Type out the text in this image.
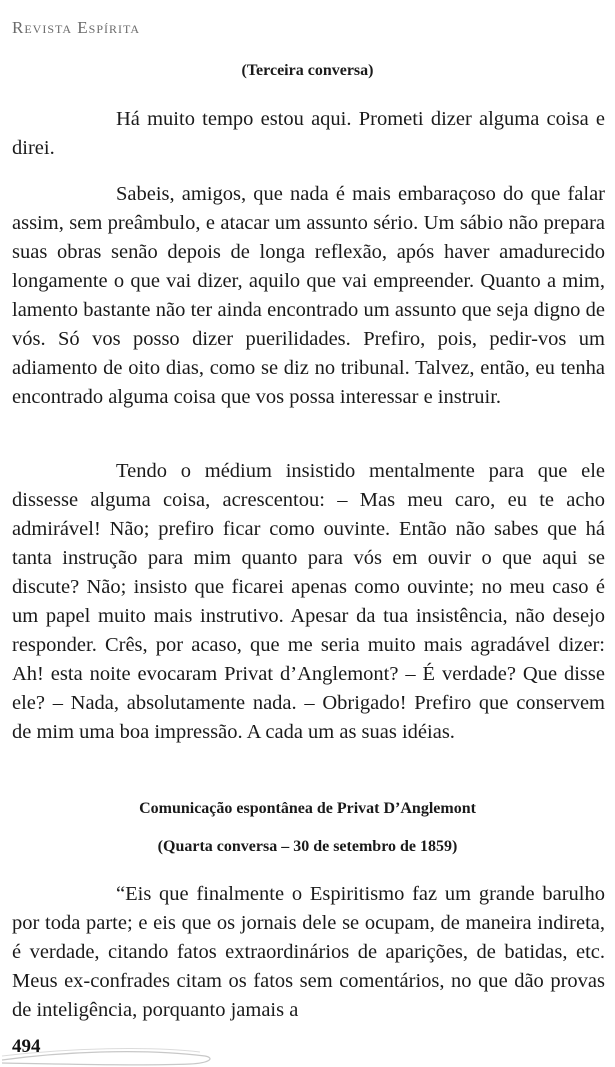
Revista Espírita
(Terceira conversa)

Há muito tempo estou aqui. Prometi dizer alguma coisa e direi.

Sabeis, amigos, que nada é mais embaraçoso do que falar assim, sem preâmbulo, e atacar um assunto sério. Um sábio não prepara suas obras senão depois de longa reflexão, após haver amadurecido longamente o que vai dizer, aquilo que vai empreender. Quanto a mim, lamento bastante não ter ainda encontrado um assunto que seja digno de vós. Só vos posso dizer puerilidades. Prefiro, pois, pedir-vos um adiamento de oito dias, como se diz no tribunal. Talvez, então, eu tenha encontrado alguma coisa que vos possa interessar e instruir.

Tendo o médium insistido mentalmente para que ele dissesse alguma coisa, acrescentou: – Mas meu caro, eu te acho admirável! Não; prefiro ficar como ouvinte. Então não sabes que há tanta instrução para mim quanto para vós em ouvir o que aqui se discute? Não; insisto que ficarei apenas como ouvinte; no meu caso é um papel muito mais instrutivo. Apesar da tua insistência, não desejo responder. Crês, por acaso, que me seria muito mais agradável dizer: Ah! esta noite evocaram Privat d’Anglemont? – É verdade? Que disse ele? – Nada, absolutamente nada. – Obrigado! Prefiro que conservem de mim uma boa impressão. A cada um as suas idéias.

Comunicação espontânea de Privat D’Anglemont
(Quarta conversa – 30 de setembro de 1859)

“Eis que finalmente o Espiritismo faz um grande barulho por toda parte; e eis que os jornais dele se ocupam, de maneira indireta, é verdade, citando fatos extraordinários de aparições, de batidas, etc. Meus ex-confrades citam os fatos sem comentários, no que dão provas de inteligência, porquanto jamais a

494
